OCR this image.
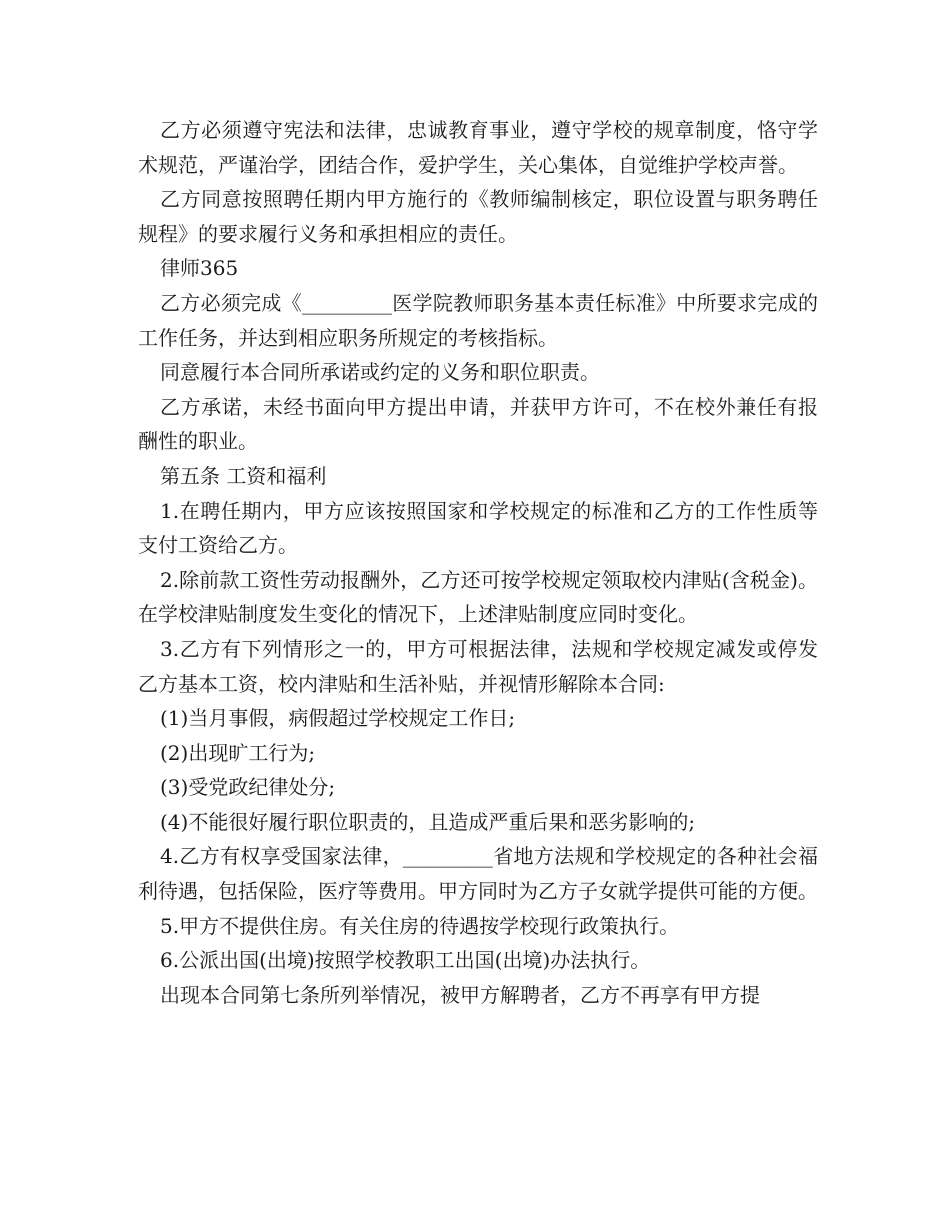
乙方必须遵守宪法和法律，忠诚教育事业，遵守学校的规章制度，恪守学术规范，严谨治学，团结合作，爱护学生，关心集体，自觉维护学校声誉。

乙方同意按照聘任期内甲方施行的《教师编制核定，职位设置与职务聘任规程》的要求履行义务和承担相应的责任。

律师365

乙方必须完成《_________医学院教师职务基本责任标准》中所要求完成的工作任务，并达到相应职务所规定的考核指标。

同意履行本合同所承诺或约定的义务和职位职责。

乙方承诺，未经书面向甲方提出申请，并获甲方许可，不在校外兼任有报酬性的职业。

第五条 工资和福利

1.在聘任期内，甲方应该按照国家和学校规定的标准和乙方的工作性质等支付工资给乙方。

2.除前款工资性劳动报酬外，乙方还可按学校规定领取校内津贴(含税金)。在学校津贴制度发生变化的情况下，上述津贴制度应同时变化。

3.乙方有下列情形之一的，甲方可根据法律，法规和学校规定减发或停发乙方基本工资，校内津贴和生活补贴，并视情形解除本合同:

(1)当月事假，病假超过学校规定工作日;

(2)出现旷工行为;

(3)受党政纪律处分;

(4)不能很好履行职位职责的，且造成严重后果和恶劣影响的;

4.乙方有权享受国家法律，_________省地方法规和学校规定的各种社会福利待遇，包括保险，医疗等费用。甲方同时为乙方子女就学提供可能的方便。

5.甲方不提供住房。有关住房的待遇按学校现行政策执行。

6.公派出国(出境)按照学校教职工出国(出境)办法执行。

出现本合同第七条所列举情况，被甲方解聘者，乙方不再享有甲方提
